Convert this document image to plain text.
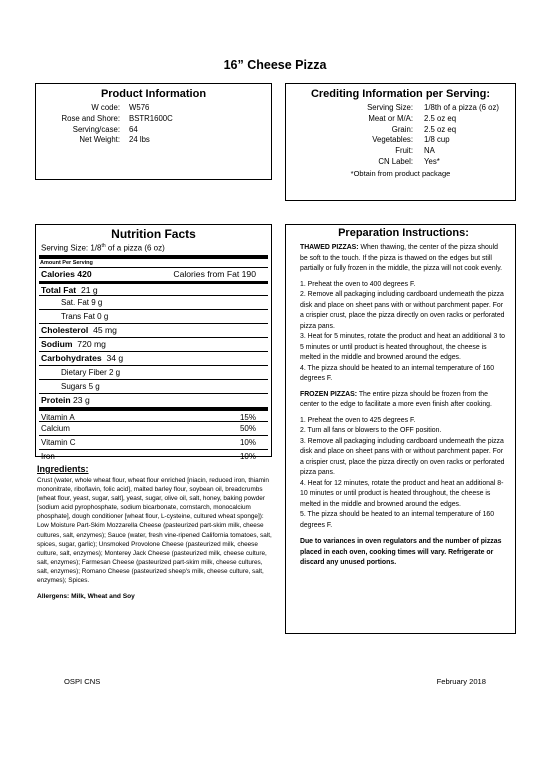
16” Cheese Pizza
Product Information
W code:	W576
Rose and Shore:	BSTR1600C
Serving/case:	64
Net Weight:	24 lbs
Crediting Information per Serving:
Serving Size:	1/8th of a pizza (6 oz)
Meat or M/A:	2.5 oz eq
Grain:	2.5 oz eq
Vegetables:	1/8 cup
Fruit:	NA
CN Label:	Yes*
*Obtain from product package
Nutrition Facts
Serving Size: 1/8th of a pizza (6 oz)
Amount Per Serving
Calories 420	Calories from Fat 190
Total Fat 21 g
Sat. Fat 9 g
Trans Fat 0 g
Cholesterol 45 mg
Sodium 720 mg
Carbohydrates 34 g
Dietary Fiber 2 g
Sugars 5 g
Protein 23 g
Vitamin A	15%
Calcium	50%
Vitamin C	10%
Iron	10%
Ingredients:

Crust (water, whole wheat flour, wheat flour enriched [niacin, reduced iron, thiamin mononitrate, riboflavin, folic acid], malted barley flour, soybean oil, breadcrumbs [wheat flour, yeast, sugar, salt], yeast, sugar, olive oil, salt, honey, baking powder [sodium acid pyrophosphate, sodium bicarbonate, cornstarch, monocalcium phosphate], dough conditioner [wheat flour, L-cysteine, cultured wheat sponge]): Low Moisture Part-Skim Mozzarella Cheese (pasteurized part-skim milk, cheese cultures, salt, enzymes); Sauce (water, fresh vine-ripened California tomatoes, salt, spices, sugar, garlic); Unsmoked Provolone Cheese (pasteurized milk, cheese culture, salt, enzymes); Monterey Jack Cheese (pasteurized milk, cheese culture, salt, enzymes); Farmesan Cheese (pasteurized part-skim milk, cheese cultures, salt, enzymes); Romano Cheese (pasteurized sheep's milk, cheese culture, salt, enzymes); Spices.

Allergens: Milk, Wheat and Soy

Preparation Instructions:

THAWED PIZZAS: When thawing, the center of the pizza should be soft to the touch. If the pizza is thawed on the edges but still partially or fully frozen in the middle, the pizza will not cook evenly.

1. Preheat the oven to 400 degrees F.
2. Remove all packaging including cardboard underneath the pizza disk and place on sheet pans with or without parchment paper. For a crispier crust, place the pizza directly on oven racks or perforated pizza pans.
3. Heat for 5 minutes, rotate the product and heat an additional 3 to 5 minutes or until product is heated throughout, the cheese is melted in the middle and browned around the edges.
4. The pizza should be heated to an internal temperature of 160 degrees F.

FROZEN PIZZAS: The entire pizza should be frozen from the center to the edge to facilitate a more even finish after cooking.

1. Preheat the oven to 425 degrees F.
2. Turn all fans or blowers to the OFF position.
3. Remove all packaging including cardboard underneath the pizza disk and place on sheet pans with or without parchment paper. For a crispier crust, place the pizza directly on oven racks or perforated pizza pans.
4. Heat for 12 minutes, rotate the product and heat an additional 8-10 minutes or until product is heated throughout, the cheese is melted in the middle and browned around the edges.
5. The pizza should be heated to an internal temperature of 160 degrees F.

Due to variances in oven regulators and the number of pizzas placed in each oven, cooking times will vary. Refrigerate or discard any unused portions.

OSPI CNS	February 2018
